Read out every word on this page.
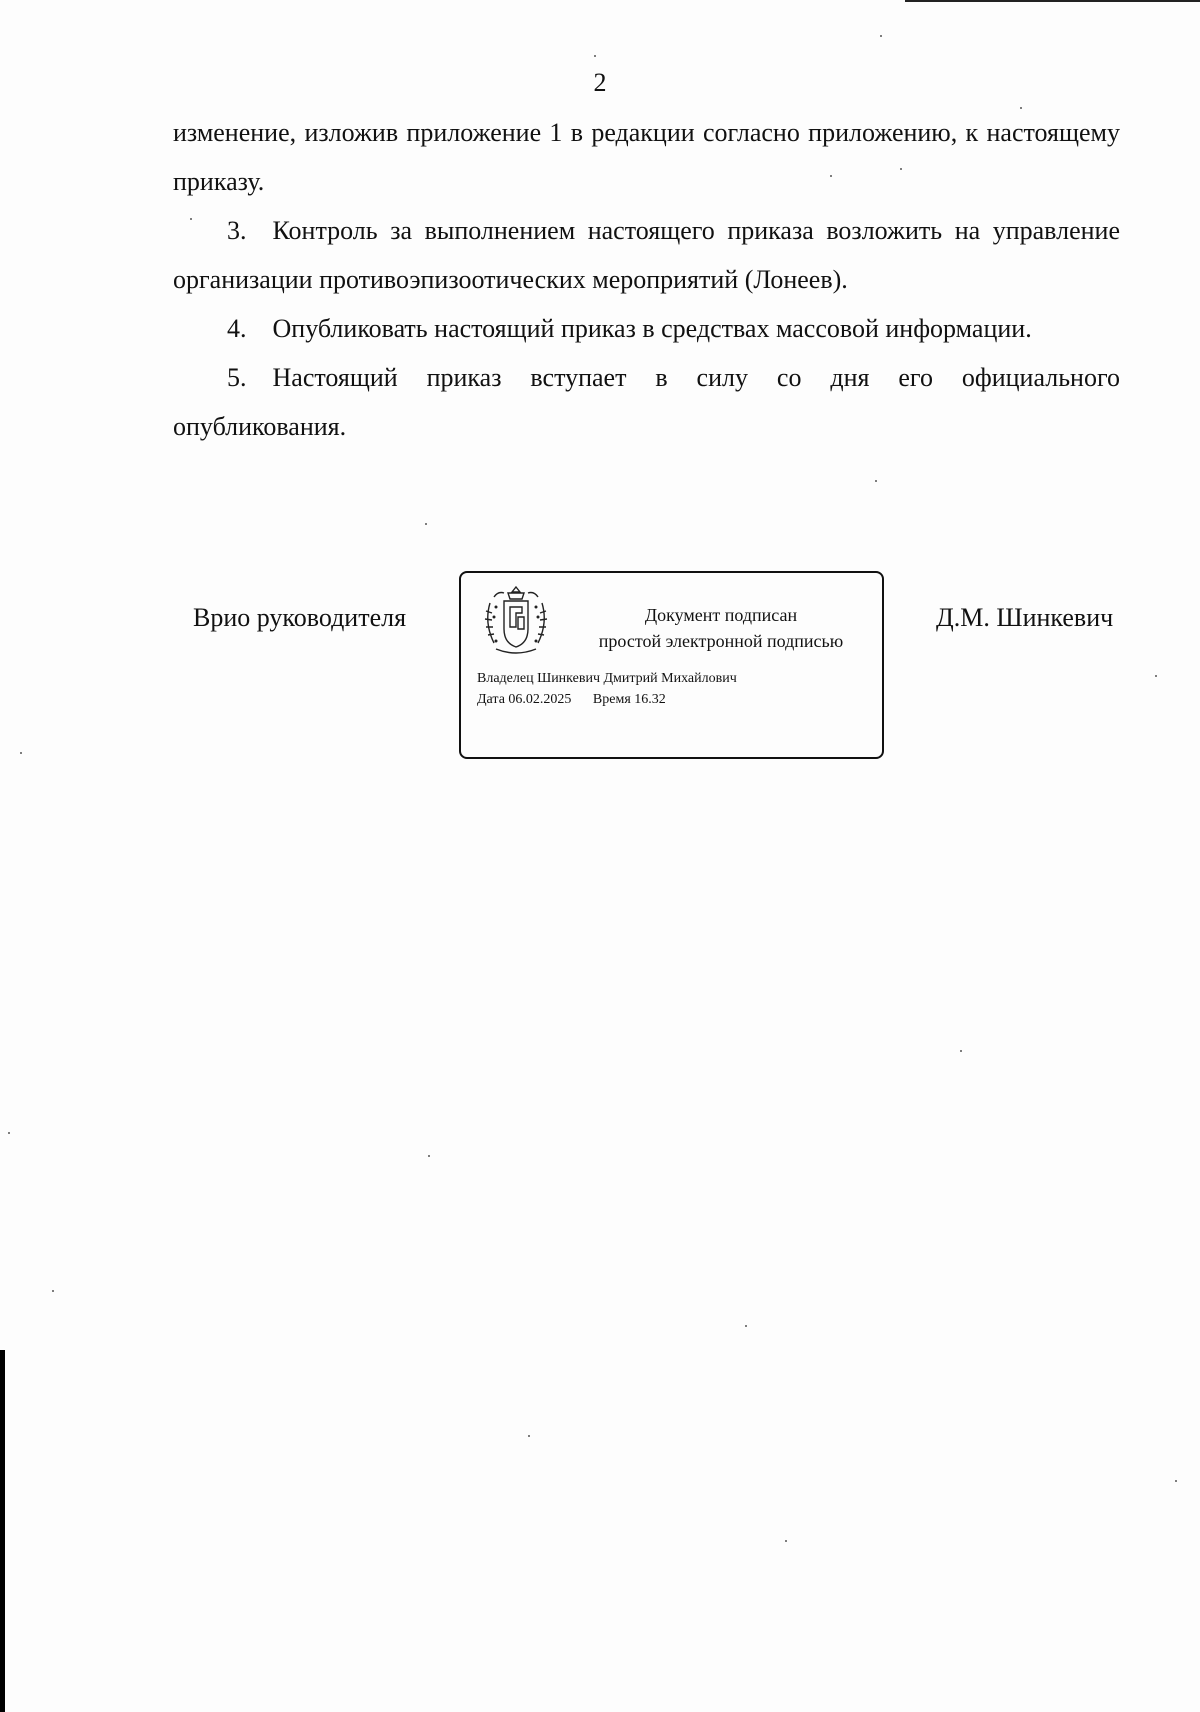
2

изменение, изложив приложение 1 в редакции согласно приложению, к настоящему приказу.

3. Контроль за выполнением настоящего приказа возложить на управление организации противоэпизоотических мероприятий (Лонеев).

4. Опубликовать настоящий приказ в средствах массовой информации.

5. Настоящий приказ вступает в силу со дня его официального опубликования.

Врио руководителя	Документ подписан
простой электронной подписью
Владелец Шинкевич Дмитрий Михайлович
Дата 06.02.2025 Время 16.32
Д.М. Шинкевич
